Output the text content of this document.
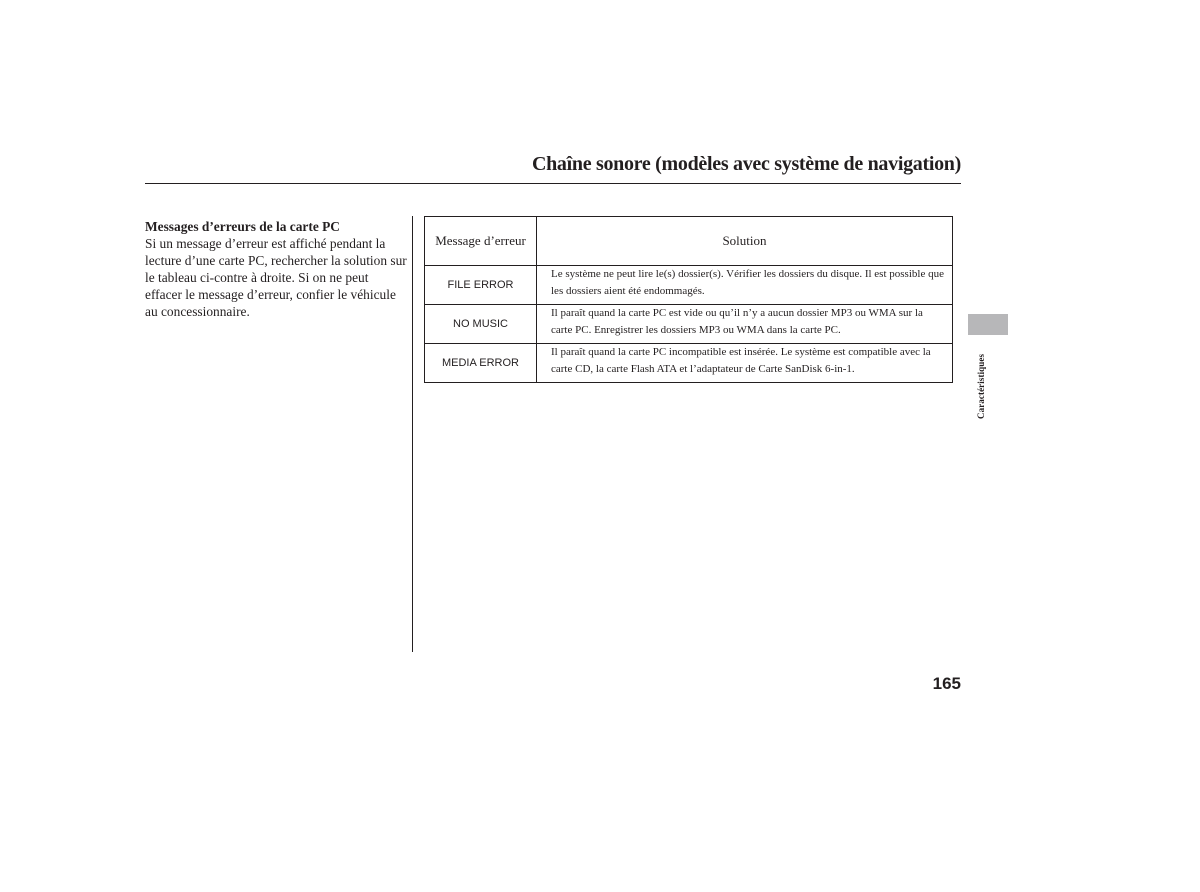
Chaîne sonore (modèles avec système de navigation)

Messages d’erreurs de la carte PC

Si un message d’erreur est affiché pendant la lecture d’une carte PC, rechercher la solution sur le tableau ci-contre à droite. Si on ne peut effacer le message d’erreur, confier le véhicule au concessionnaire.

Message d’erreur	Solution
FILE ERROR	Le système ne peut lire le(s) dossier(s). Vérifier les dossiers du disque. Il est possible que les dossiers aient été endommagés.
NO MUSIC	Il paraît quand la carte PC est vide ou qu’il n’y a aucun dossier MP3 ou WMA sur la carte PC. Enregistrer les dossiers MP3 ou WMA dans la carte PC.
MEDIA ERROR	Il paraît quand la carte PC incompatible est insérée. Le système est compatible avec la carte CD, la carte Flash ATA et l’adaptateur de Carte SanDisk 6-in-1.	Caractéristiques
165
